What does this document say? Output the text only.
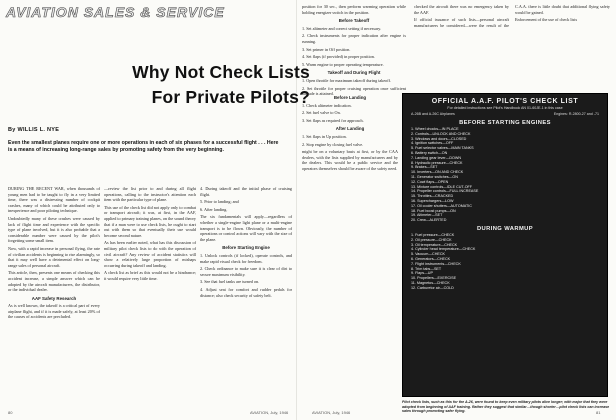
AVIATION SALES & SERVICE
Why Not Check Lists
For Private Pilots?
By WILLIS L. NYE
Even the smallest planes require one or more operations in each of six phases for a successful flight . . . Here is a means of increasing long-range sales by promoting safety from the very beginning.

DURING THE RECENT WAR, when thousands of young men had to be taught to fly in a very limited time, there was a distressing number of cockpit crashes, many of which could be attributed only to inexperience and poor piloting technique.

Undoubtedly many of these crashes were caused by lack of flight time and experience with the specific type of plane involved, but it is also probable that a considerable number were caused by the pilot's forgetting some small item.

Now, with a rapid increase in personal flying, the rate of civilian accidents is beginning to rise alarmingly, so that it may well have a detrimental effect on long-range sales of personal aircraft.

This article, then, presents one means of checking this accident increase, a simple answer which can be adopted by the aircraft manufacturers, the distributor, or the individual dealer.

AAF Safety Research

As is well known, the takeoff is a critical part of every airplane flight, and if it is made safely, at least 20% of the causes of accidents are precluded.

—review the list prior to and during all flight operations, calling to the instructor's attention each item with the particular type of plane.

This use of the check list did not apply only to combat or transport aircraft; it was, at first, in the AAF, applied to primary training planes, on the sound theory that if a man were to use check lists, he ought to start out with them so that eventually their use would become second nature.

As has been earlier noted, what has this discussion of military pilot check lists to do with the operation of civil aircraft? Any review of accident statistics will show a relatively large proportion of mishaps occurring during takeoff and landing.

A check list as brief as this would not be a hindrance; it would require very little time.

4. During takeoff and the initial phase of cruising flight.

5. Prior to landing; and

6. After landing.

The six fundamentals will apply—regardless of whether a single-engine light plane or a multi-engine transport is to be flown. Obviously, the number of operations or control actions will vary with the size of the plane.

Before Starting Engine

1. Unlock controls (if locked), operate controls, and make rapid visual check for freedom.

2. Check ordinance to make sure it is clear of dirt to secure maximum visibility.

3. See that fuel tanks are turned on.

4. Adjust seat for comfort and rudder pedals for distance; also check security of safety belt.

position for 30 sec., then perform warming operation while holding energizer switch in the position.

Before Takeoff

1. Set altimeter and correct setting if necessary.

2. Check instruments for proper indication after engine is running.

3. Set primer in Off position.

4. Set flaps (if provided) in proper position.

5. Warm engine to proper operating temperature.

Takeoff and During Flight

1. Open throttle for maximum takeoff during takeoff.

2. Set throttle for proper cruising operation once sufficient altitude is attained.

Before Landing

1. Check altimeter indication.

2. Set fuel valve to On.

3. Set flaps as required for approach.

After Landing

1. Set flaps in Up position.

2. Stop engine by closing fuel valve.

might be on a voluntary basis at first, or by the CAA dealers, with the lists supplied by manufacturers and by the dealers. This would be a public service and the operators themselves should be aware of the safety need.

checked the aircraft there was no emergency taken by the AAF.

If official issuance of such lists—personal aircraft manufacturers be considered—were the result of the C.A.A. there is little doubt that additional flying safety would be gained.

Enforcement of the use of check lists

OFFICIAL A.A.F. PILOT'S CHECK LIST
For detailed instructions see Pilot's Handbook AN 01-60JE-1 in this case
A-26B and A-26C Airplanes	Engines: R-2800-27 and -71
BEFORE STARTING ENGINES
1. Wheel chocks—IN PLACE
2. Controls—UNLOCK AND CHECK
3. Windows and doors—CLOSED
4. Ignition switches—OFF
5. Fuel selector valves—MAIN TANKS
6. Battery switch—ON
7. Landing gear lever—DOWN
8. Hydraulic pressure—CHECK
9. Brakes—SET
10. Inverters—ON AND CHECK
11. Generator switches—ON
12. Cowl flaps—OPEN
13. Mixture controls—IDLE CUT-OFF
14. Propeller controls—FULL INCREASE
15. Throttles—CRACKED
16. Superchargers—LOW
17. Oil cooler shutters—AUTOMATIC
18. Fuel boost pumps—ON
19. Altimeter—SET
20. Crew—ALERTED
DURING WARMUP
1. Fuel pressure—CHECK
2. Oil pressure—CHECK
3. Oil temperature—CHECK
4. Cylinder head temperature—CHECK
5. Vacuum—CHECK
6. Generators—CHECK
7. Flight instruments—CHECK
8. Trim tabs—SET
9. Flaps—UP
10. Propellers—EXERCISE
11. Magnetos—CHECK
12. Carburetor air—COLD
Pilot check lists, such as this for the A-26, were found to keep even military pilots alive longer; with major that they were adopted from beginning of AAF training. Rather they suggest that similar—though shorter—pilot check lists can increase sales through promoting safer flying.
80	AVIATION, July, 1946	AVIATION, July, 1946	81
